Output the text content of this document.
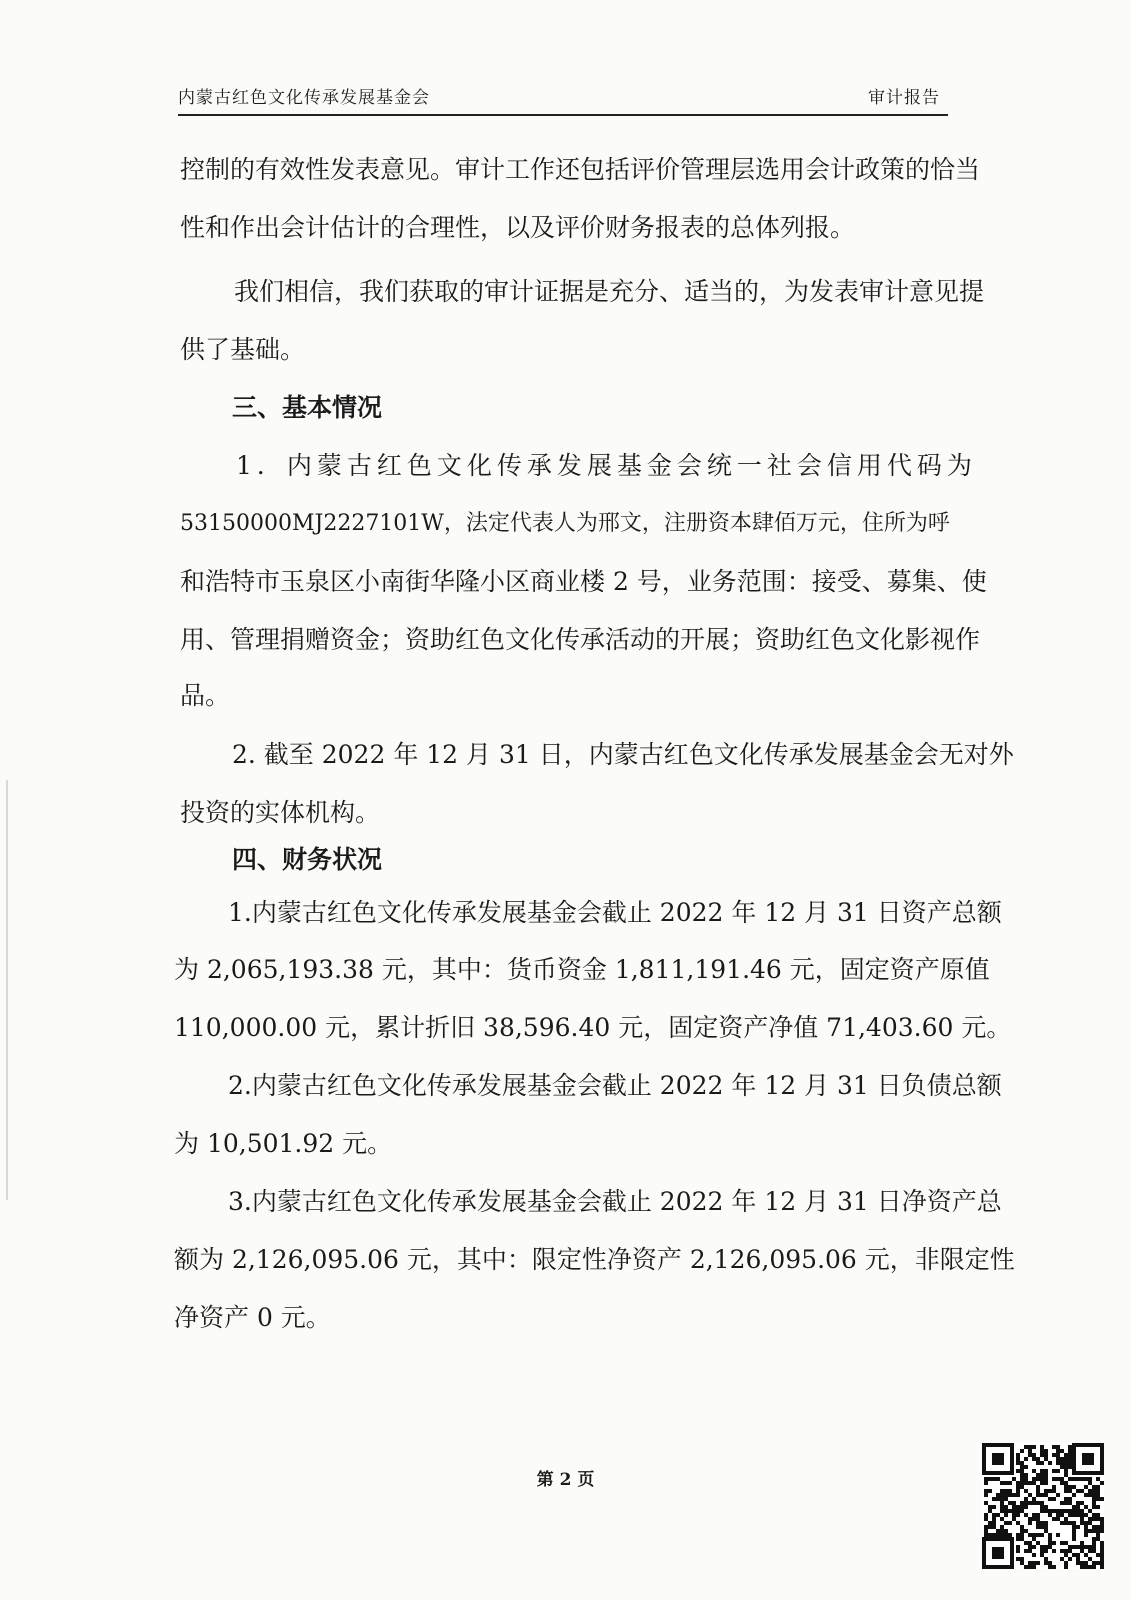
内蒙古红色文化传承发展基金会	审计报告
控制的有效性发表意见。审计工作还包括评价管理层选用会计政策的恰当
性和作出会计估计的合理性，以及评价财务报表的总体列报。
我们相信，我们获取的审计证据是充分、适当的，为发表审计意见提
供了基础。
三、基本情况
1．内蒙古红色文化传承发展基金会统一社会信用代码为
53150000MJ2227101W，法定代表人为邢文，注册资本肆佰万元，住所为呼
和浩特市玉泉区小南街华隆小区商业楼 2 号，业务范围：接受、募集、使
用、管理捐赠资金；资助红色文化传承活动的开展；资助红色文化影视作
品。
2. 截至 2022 年 12 月 31 日，内蒙古红色文化传承发展基金会无对外
投资的实体机构。
四、财务状况
1.内蒙古红色文化传承发展基金会截止 2022 年 12 月 31 日资产总额
为 2,065,193.38 元，其中：货币资金 1,811,191.46 元，固定资产原值
110,000.00 元，累计折旧 38,596.40 元，固定资产净值 71,403.60 元。
2.内蒙古红色文化传承发展基金会截止 2022 年 12 月 31 日负债总额
为 10,501.92 元。
3.内蒙古红色文化传承发展基金会截止 2022 年 12 月 31 日净资产总
额为 2,126,095.06 元，其中：限定性净资产 2,126,095.06 元，非限定性
净资产 0 元。
第 2 页
